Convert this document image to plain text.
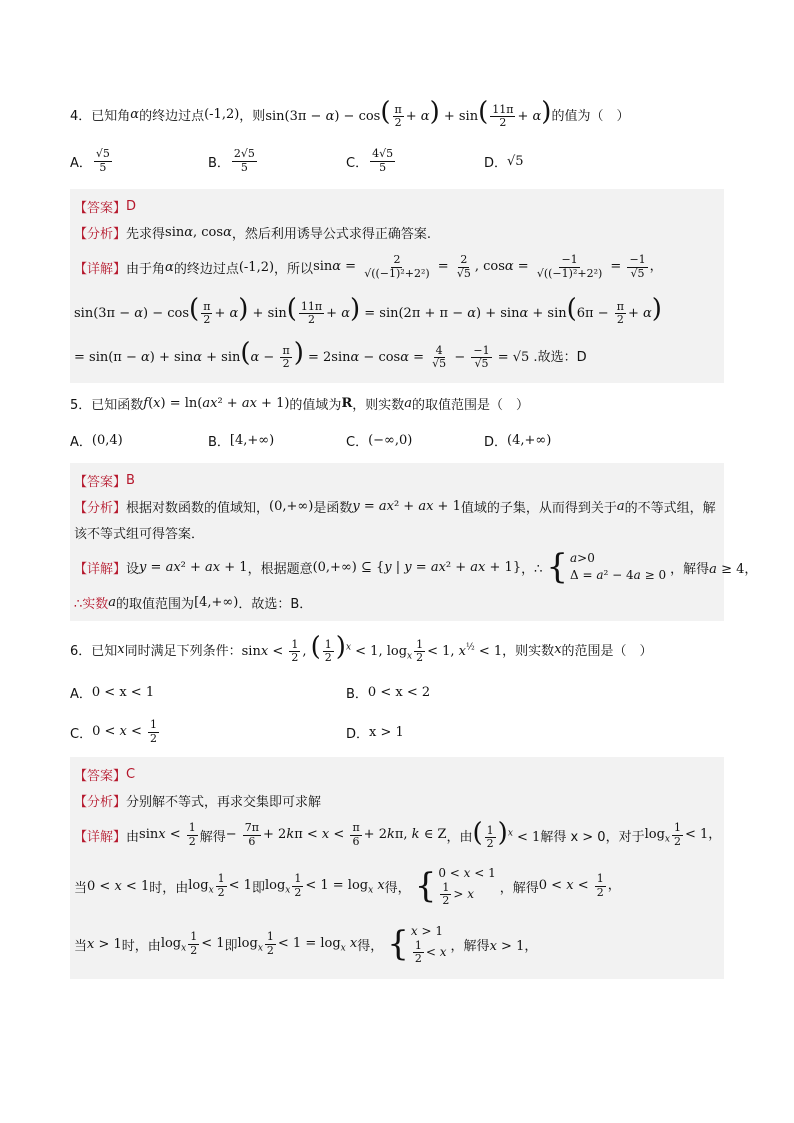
4．已知角 α 的终边过点 (-1,2) ，则 $\sin(3\pi - \alpha) - \cos( \frac{\pi}{2} + \alpha) + \sin( \frac{11\pi}{2} + \alpha)$ 的值为（　）
A． $\frac{√5}{5}$	B． $\frac{2√5}{5}$	C． $\frac{4√5}{5}$	D． √5
【答案】 D
【分析】 先求得 sinα, cosα ，然后利用诱导公式求得正确答案.
【详解】 由于角 α 的终边过点 (-1,2) ，所以 $\sin\alpha = \frac{2}{\text{√((−1)²+2²)}} = \frac{2}{√5}$ , $\cos\alpha = \frac{-1}{\text{√((−1)²+2²)}} = \frac{-1}{√5}$ ，
$\sin(3\pi - \alpha) - \cos( \frac{\pi}{2} + \alpha) + \sin( \frac{11\pi}{2} + \alpha) = \sin(2\pi + \pi - \alpha) + \sin\alpha + \sin(6\pi - \frac{\pi}{2} + \alpha)$
= $\sin(\pi - \alpha) + \sin\alpha + \sin(\alpha - \frac{\pi}{2}$ ) = $2\sin\alpha - \cos\alpha = \frac{4}{√5} - \frac{-1}{√5} = √5$ . 故选：D
5．已知函数 f(x) = ln(ax² + ax + 1) 的值域为 R ，则实数 a 的取值范围是（　）
A． (0,4)	B． [4,+∞)	C． (−∞,0)	D． (4,+∞)
【答案】 B
【分析】 根据对数函数的值域知， (0,+∞) 是函数 y = ax² + ax + 1 值域的子集，从而得到关于 a 的不等式组，解
该不等式组可得答案．
【详解】 设 y = ax² + ax + 1 ，根据题意 (0,+∞) ⊆ {y | y = ax² + ax + 1} ，∴ { a>0
Δ = a² − 4a ≥ 0 ，解得 a ≥ 4，
∴实数 a 的取值范围为 [4,+∞) ．故选：B．
6．已知 x 同时满足下列条件： $\sin x < \frac{1}{2}$ , ( $\frac{1}{2} )^x < 1$, $\log_x \frac{1}{2} < 1$, $x^{\frac{1}{2}} < 1$ ，则实数 x 的范围是（　）
A． 0 < x < 1	B． 0 < x < 2
C． $0 < x < \frac{1}{2}$	D． x > 1
【答案】 C
【分析】 分别解不等式，再求交集即可求解
【详解】 由 $\sin x < \frac{1}{2}$ 解得 − $\frac{7\pi}{6} + 2k\pi < x < \frac{\pi}{6} + 2k\pi$, k ∈ Z ，由 ( $\frac{1}{2} )^x < 1$ 解得 x > 0，对于 $\log_x \frac{1}{2} < 1$，
当 0 < x < 1 时，由 $\log_x \frac{1}{2} < 1$ 即 $\log_x \frac{1}{2} < 1 = \log_x x$ 得， { 0 < x < 1
$\frac{1}{2} > x$	，解得 $0 < x < \frac{1}{2}$ ，
当 x > 1 时，由 $\log_x \frac{1}{2} < 1$ 即 $\log_x \frac{1}{2} < 1 = \log_x x$ 得， { x > 1
$\frac{1}{2} < x$ ，解得 x > 1，
